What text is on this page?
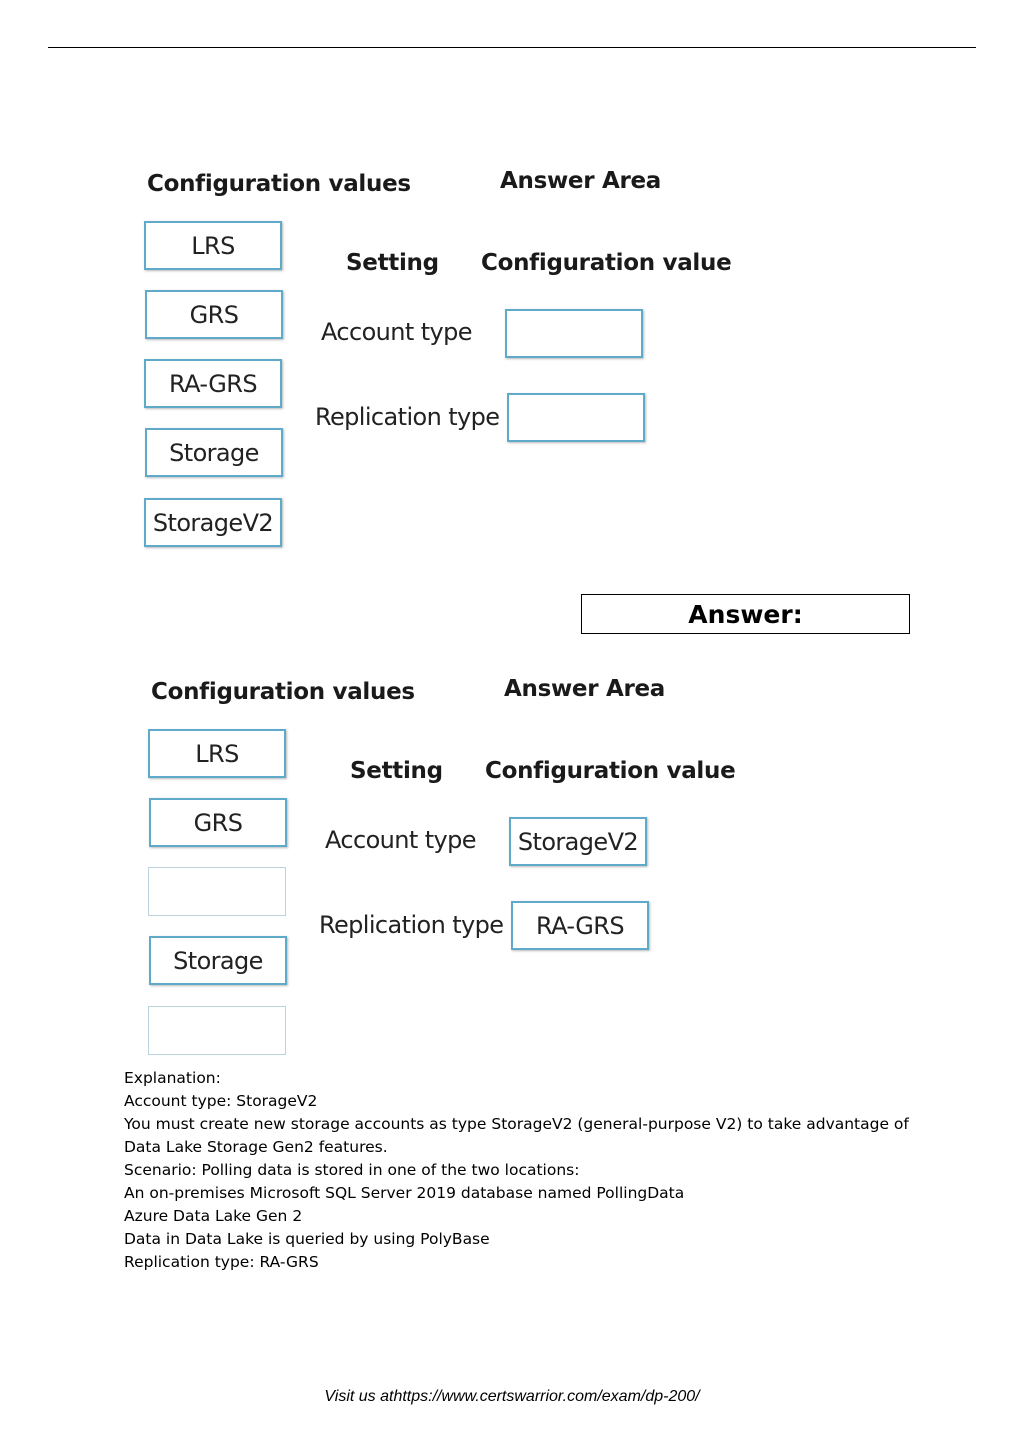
Configuration values	Answer Area
Setting Configuration value
LRS
GRS
RA-GRS
Storage
StorageV2
Account type
Replication type
Answer:
Configuration values	Answer Area
Setting Configuration value
LRS
GRS
Storage
Account type
Replication type
StorageV2
RA-GRS
Explanation:
Account type: StorageV2
You must create new storage accounts as type StorageV2 (general-purpose V2) to take advantage of
Data Lake Storage Gen2 features.
Scenario: Polling data is stored in one of the two locations:
An on-premises Microsoft SQL Server 2019 database named PollingData
Azure Data Lake Gen 2
Data in Data Lake is queried by using PolyBase
Replication type: RA-GRS
Visit us athttps://www.certswarrior.com/exam/dp-200/
